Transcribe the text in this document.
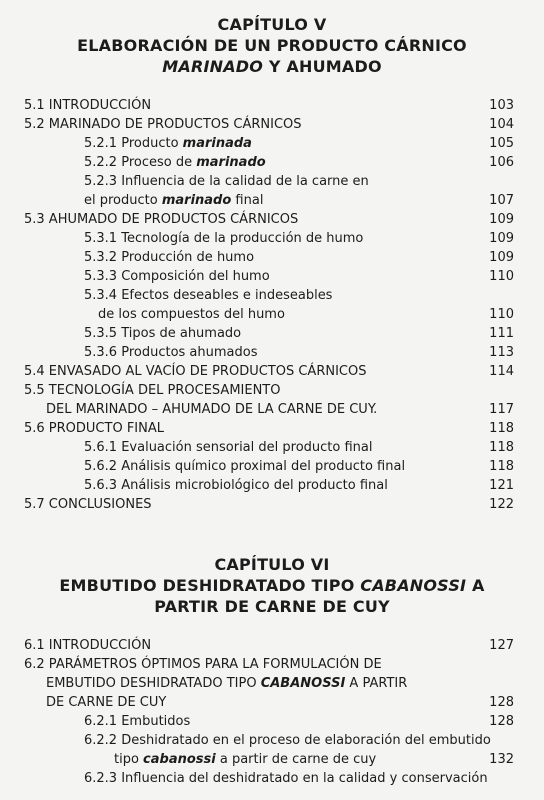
CAPÍTULO V
ELABORACIÓN DE UN PRODUCTO CÁRNICO
MARINADO Y AHUMADO
5.1 INTRODUCCIÓN	103
5.2 MARINADO DE PRODUCTOS CÁRNICOS	104
5.2.1 Producto marinada	105
5.2.2 Proceso de marinado	106
5.2.3 Influencia de la calidad de la carne en
el producto marinado final	107
5.3 AHUMADO DE PRODUCTOS CÁRNICOS	109
5.3.1 Tecnología de la producción de humo	109
5.3.2 Producción de humo	109
5.3.3 Composición del humo	110
5.3.4 Efectos deseables e indeseables
de los compuestos del humo	110
5.3.5 Tipos de ahumado	111
5.3.6 Productos ahumados	113
5.4 ENVASADO AL VACÍO DE PRODUCTOS CÁRNICOS	114
5.5 TECNOLOGÍA DEL PROCESAMIENTO
DEL MARINADO – AHUMADO DE LA CARNE DE CUY.	117
5.6 PRODUCTO FINAL	118
5.6.1 Evaluación sensorial del producto final	118
5.6.2 Análisis químico proximal del producto final	118
5.6.3 Análisis microbiológico del producto final	121
5.7 CONCLUSIONES	122
CAPÍTULO VI
EMBUTIDO DESHIDRATADO TIPO CABANOSSI A
PARTIR DE CARNE DE CUY
6.1 INTRODUCCIÓN	127
6.2 PARÁMETROS ÓPTIMOS PARA LA FORMULACIÓN DE
EMBUTIDO DESHIDRATADO TIPO CABANOSSI A PARTIR
DE CARNE DE CUY	128
6.2.1 Embutidos	128
6.2.2 Deshidratado en el proceso de elaboración del embutido
tipo cabanossi a partir de carne de cuy	132
6.2.3 Influencia del deshidratado en la calidad y conservación
